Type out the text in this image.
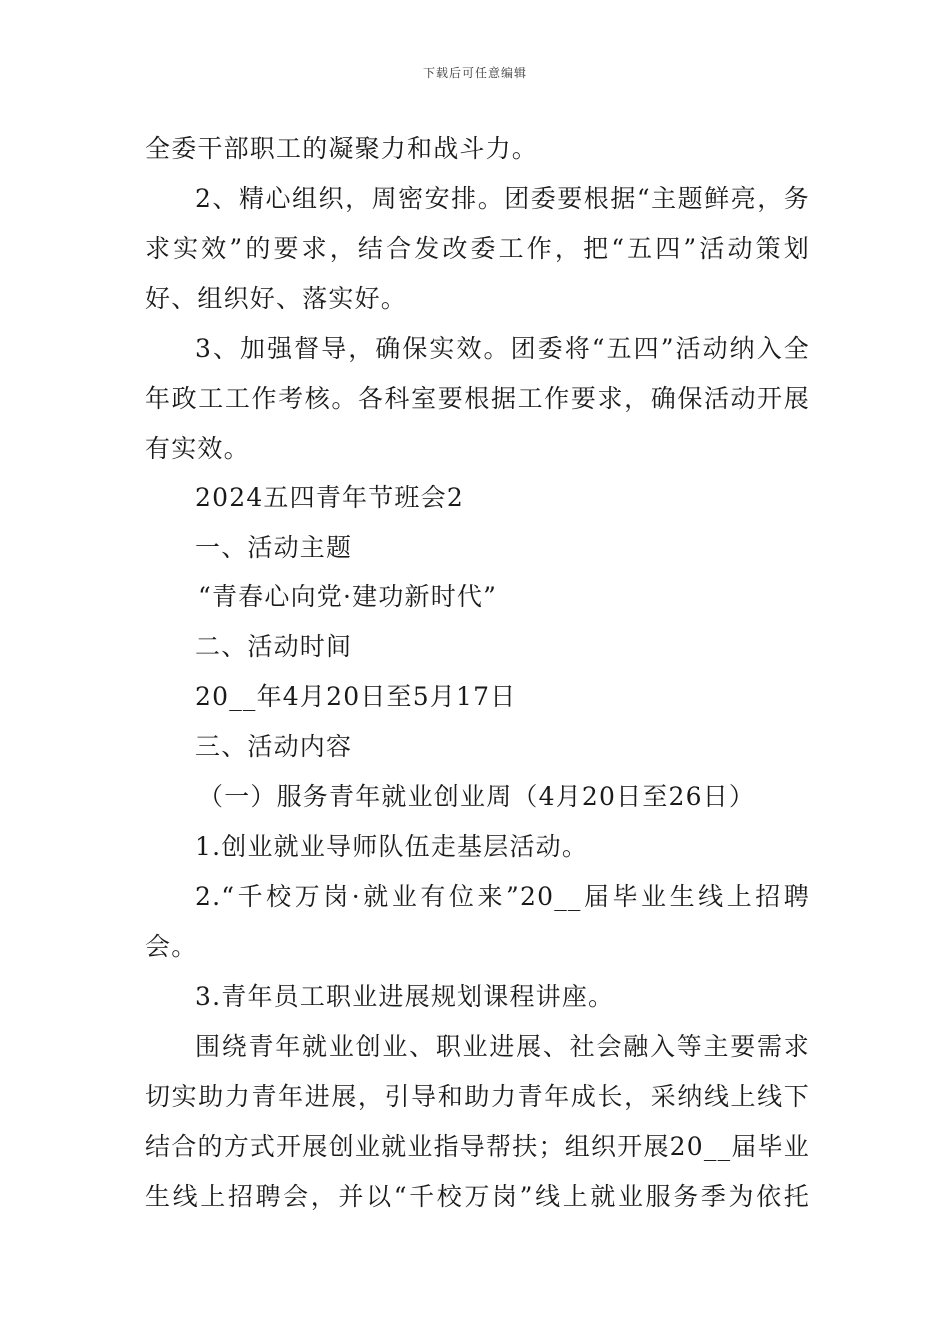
下载后可任意编辑
全委干部职工的凝聚力和战斗力。
2、精心组织，周密安排。团委要根据“主题鲜亮，务
求实效”的要求，结合发改委工作，把“五四”活动策划
好、组织好、落实好。
3、加强督导，确保实效。团委将“五四”活动纳入全
年政工工作考核。各科室要根据工作要求，确保活动开展
有实效。
2024五四青年节班会2
一、活动主题
“青春心向党·建功新时代”
二、活动时间
20__年4月20日至5月17日
三、活动内容
（一）服务青年就业创业周（4月20日至26日）
1.创业就业导师队伍走基层活动。
2.“千校万岗·就业有位来”20__届毕业生线上招聘
会。
3.青年员工职业进展规划课程讲座。
围绕青年就业创业、职业进展、社会融入等主要需求
切实助力青年进展，引导和助力青年成长，采纳线上线下
结合的方式开展创业就业指导帮扶；组织开展20__届毕业
生线上招聘会，并以“千校万岗”线上就业服务季为依托
